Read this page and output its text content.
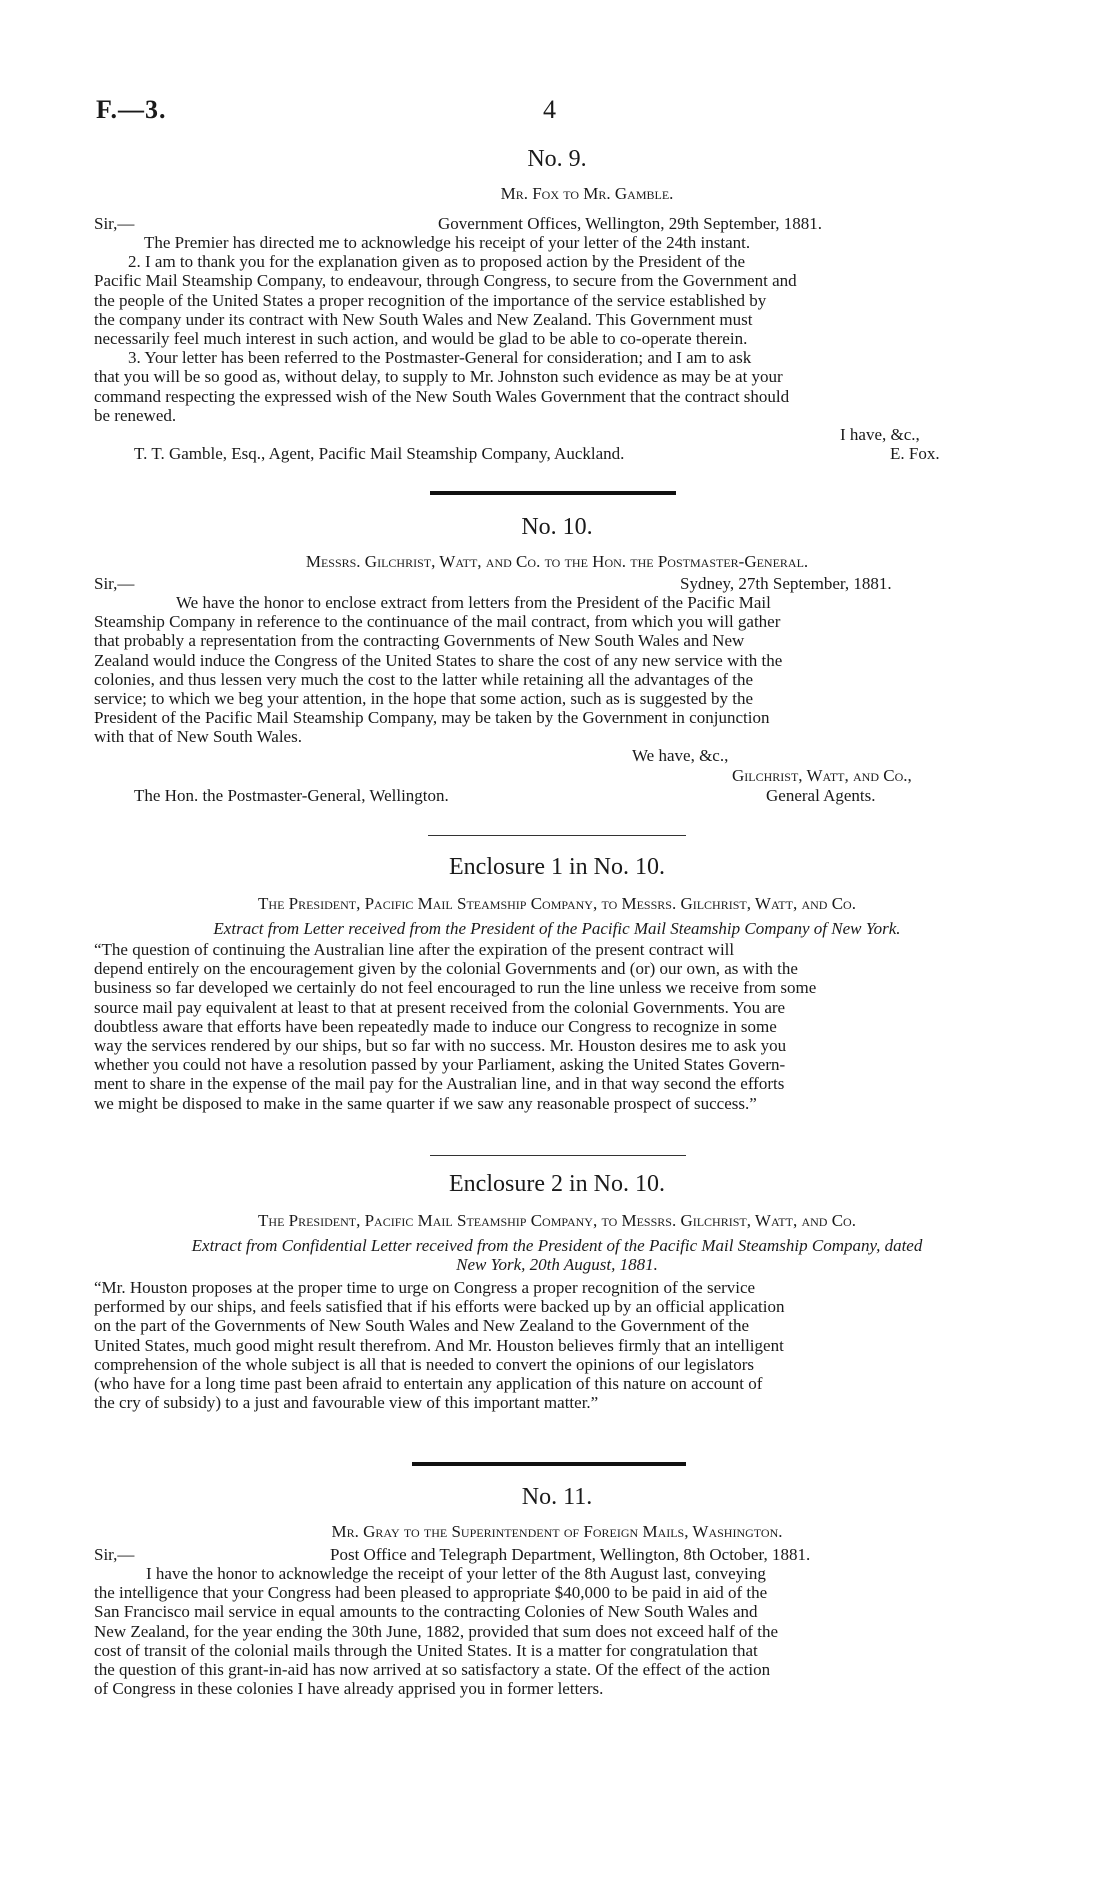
F.—3.	4
No. 9.
Mr. Fox to Mr. Gamble.
Sir,—	Government Offices, Wellington, 29th September, 1881.
The Premier has directed me to acknowledge his receipt of your letter of the 24th instant.
2. I am to thank you for the explanation given as to proposed action by the President of the
Pacific Mail Steamship Company, to endeavour, through Congress, to secure from the Government and
the people of the United States a proper recognition of the importance of the service established by
the company under its contract with New South Wales and New Zealand. This Government must
necessarily feel much interest in such action, and would be glad to be able to co-operate therein.
3. Your letter has been referred to the Postmaster-General for consideration; and I am to ask
that you will be so good as, without delay, to supply to Mr. Johnston such evidence as may be at your
command respecting the expressed wish of the New South Wales Government that the contract should
be renewed.
I have, &c.,
T. T. Gamble, Esq., Agent, Pacific Mail Steamship Company, Auckland.	E. Fox.
No. 10.
Messrs. Gilchrist, Watt, and Co. to the Hon. the Postmaster-General.
Sir,—	Sydney, 27th September, 1881.
We have the honor to enclose extract from letters from the President of the Pacific Mail
Steamship Company in reference to the continuance of the mail contract, from which you will gather
that probably a representation from the contracting Governments of New South Wales and New
Zealand would induce the Congress of the United States to share the cost of any new service with the
colonies, and thus lessen very much the cost to the latter while retaining all the advantages of the
service; to which we beg your attention, in the hope that some action, such as is suggested by the
President of the Pacific Mail Steamship Company, may be taken by the Government in conjunction
with that of New South Wales.
We have, &c.,
Gilchrist, Watt, and Co.,
The Hon. the Postmaster-General, Wellington.	General Agents.
Enclosure 1 in No. 10.
The President, Pacific Mail Steamship Company, to Messrs. Gilchrist, Watt, and Co.
Extract from Letter received from the President of the Pacific Mail Steamship Company of New York.
“The question of continuing the Australian line after the expiration of the present contract will
depend entirely on the encouragement given by the colonial Governments and (or) our own, as with the
business so far developed we certainly do not feel encouraged to run the line unless we receive from some
source mail pay equivalent at least to that at present received from the colonial Governments. You are
doubtless aware that efforts have been repeatedly made to induce our Congress to recognize in some
way the services rendered by our ships, but so far with no success. Mr. Houston desires me to ask you
whether you could not have a resolution passed by your Parliament, asking the United States Govern-
ment to share in the expense of the mail pay for the Australian line, and in that way second the efforts
we might be disposed to make in the same quarter if we saw any reasonable prospect of success.”
Enclosure 2 in No. 10.
The President, Pacific Mail Steamship Company, to Messrs. Gilchrist, Watt, and Co.
Extract from Confidential Letter received from the President of the Pacific Mail Steamship Company, dated
New York, 20th August, 1881.
“Mr. Houston proposes at the proper time to urge on Congress a proper recognition of the service
performed by our ships, and feels satisfied that if his efforts were backed up by an official application
on the part of the Governments of New South Wales and New Zealand to the Government of the
United States, much good might result therefrom. And Mr. Houston believes firmly that an intelligent
comprehension of the whole subject is all that is needed to convert the opinions of our legislators
(who have for a long time past been afraid to entertain any application of this nature on account of
the cry of subsidy) to a just and favourable view of this important matter.”
No. 11.
Mr. Gray to the Superintendent of Foreign Mails, Washington.
Sir,—	Post Office and Telegraph Department, Wellington, 8th October, 1881.
I have the honor to acknowledge the receipt of your letter of the 8th August last, conveying
the intelligence that your Congress had been pleased to appropriate $40,000 to be paid in aid of the
San Francisco mail service in equal amounts to the contracting Colonies of New South Wales and
New Zealand, for the year ending the 30th June, 1882, provided that sum does not exceed half of the
cost of transit of the colonial mails through the United States. It is a matter for congratulation that
the question of this grant-in-aid has now arrived at so satisfactory a state. Of the effect of the action
of Congress in these colonies I have already apprised you in former letters.
